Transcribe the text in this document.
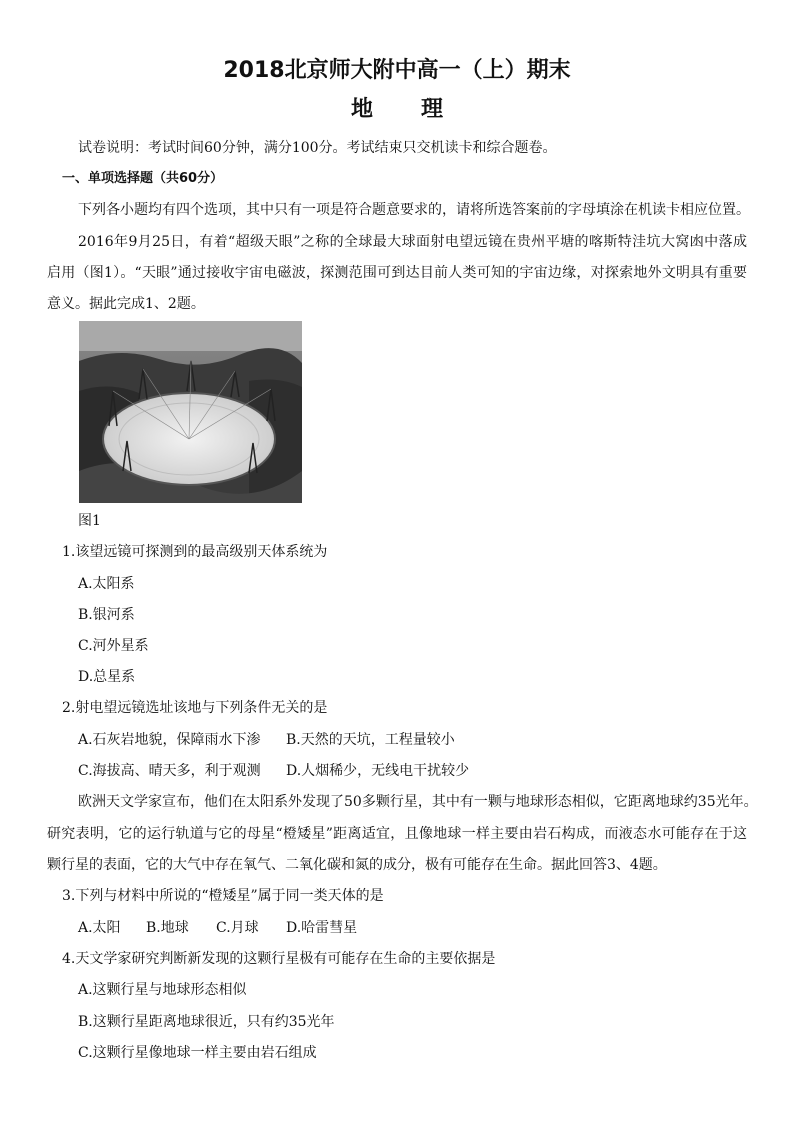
2018北京师大附中高一（上）期末
地 理
试卷说明：考试时间60分钟，满分100分。考试结束只交机读卡和综合题卷。
一、单项选择题（共60分）
下列各小题均有四个选项，其中只有一项是符合题意要求的，请将所选答案前的字母填涂在机读卡相应位置。
2016年9月25日，有着“超级天眼”之称的全球最大球面射电望远镜在贵州平塘的喀斯特洼坑大窝凼中落成
启用（图1）。“天眼”通过接收宇宙电磁波，探测范围可到达目前人类可知的宇宙边缘，对探索地外文明具有重要
意义。据此完成1、2题。
图1
1.该望远镜可探测到的最高级别天体系统为
A.太阳系
B.银河系
C.河外星系
D.总星系
2.射电望远镜选址该地与下列条件无关的是
A.石灰岩地貌，保障雨水下渗 B.天然的天坑，工程量较小
C.海拔高、晴天多，利于观测 D.人烟稀少，无线电干扰较少
欧洲天文学家宣布，他们在太阳系外发现了50多颗行星，其中有一颗与地球形态相似，它距离地球约35光年。
研究表明，它的运行轨道与它的母星“橙矮星”距离适宜，且像地球一样主要由岩石构成，而液态水可能存在于这
颗行星的表面，它的大气中存在氧气、二氧化碳和氮的成分，极有可能存在生命。据此回答3、4题。
3.下列与材料中所说的“橙矮星”属于同一类天体的是
A.太阳 B.地球 C.月球 D.哈雷彗星
4.天文学家研究判断新发现的这颗行星极有可能存在生命的主要依据是
A.这颗行星与地球形态相似
B.这颗行星距离地球很近，只有约35光年
C.这颗行星像地球一样主要由岩石组成
